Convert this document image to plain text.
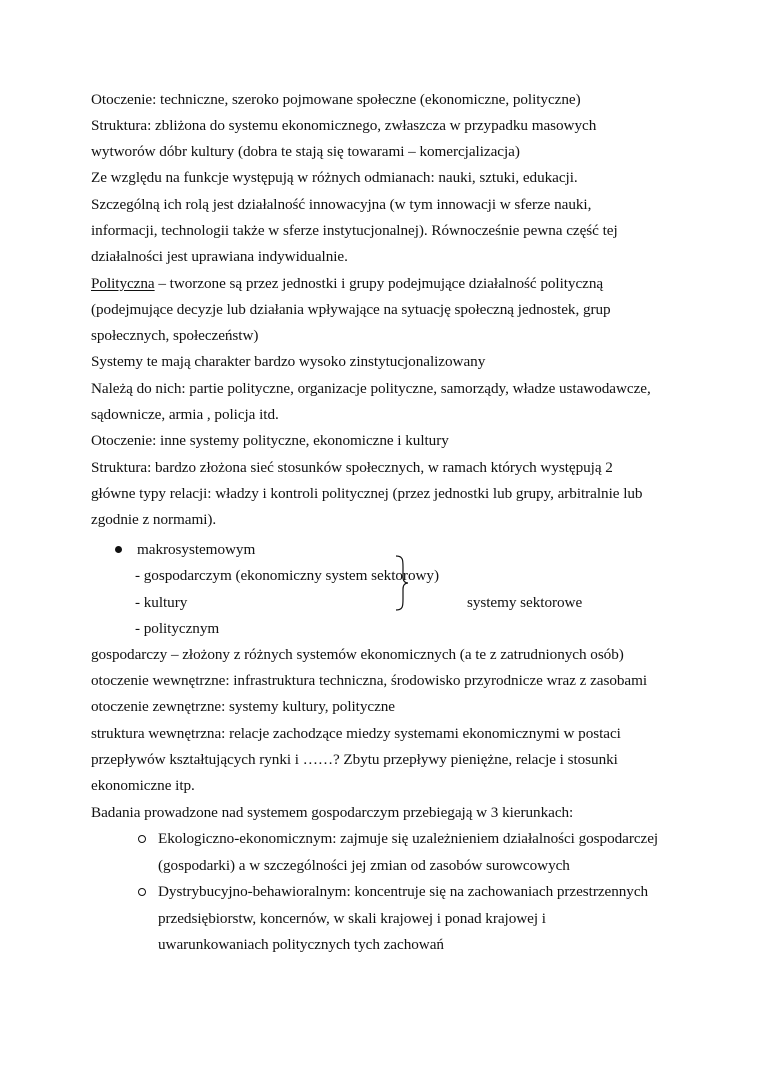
Otoczenie: techniczne, szeroko pojmowane społeczne (ekonomiczne, polityczne)
Struktura: zbliżona do systemu ekonomicznego, zwłaszcza w przypadku masowych
wytworów dóbr kultury (dobra te stają się towarami – komercjalizacja)
Ze względu na funkcje występują w różnych odmianach: nauki, sztuki, edukacji.
Szczególną ich rolą jest działalność innowacyjna (w tym innowacji w sferze nauki,
informacji, technologii także w sferze instytucjonalnej). Równocześnie pewna część tej
działalności jest uprawiana indywidualnie.
Polityczna – tworzone są przez jednostki i grupy podejmujące działalność polityczną
(podejmujące decyzje lub działania wpływające na sytuację społeczną jednostek, grup
społecznych, społeczeństw)
Systemy te mają charakter bardzo wysoko zinstytucjonalizowany
Należą do nich: partie polityczne, organizacje polityczne, samorządy, władze ustawodawcze,
sądownicze, armia , policja itd.
Otoczenie: inne systemy polityczne, ekonomiczne i kultury
Struktura: bardzo złożona sieć stosunków społecznych, w ramach których występują 2
główne typy relacji: władzy i kontroli politycznej (przez jednostki lub grupy, arbitralnie lub
zgodnie z normami).
makrosystemowym
- gospodarczym (ekonomiczny system sektorowy)
- kultury
- politycznym
systemy sektorowe
gospodarczy – złożony z różnych systemów ekonomicznych (a te z zatrudnionych osób)
otoczenie wewnętrzne: infrastruktura techniczna, środowisko przyrodnicze wraz z zasobami
otoczenie zewnętrzne: systemy kultury, polityczne
struktura wewnętrzna: relacje zachodzące miedzy systemami ekonomicznymi w postaci
przepływów kształtujących rynki i ……? Zbytu przepływy pieniężne, relacje i stosunki
ekonomiczne itp.
Badania prowadzone nad systemem gospodarczym przebiegają w 3 kierunkach:
Ekologiczno-ekonomicznym: zajmuje się uzależnieniem działalności gospodarczej
(gospodarki) a w szczególności jej zmian od zasobów surowcowych
Dystrybucyjno-behawioralnym: koncentruje się na zachowaniach przestrzennych
przedsiębiorstw, koncernów, w skali krajowej i ponad krajowej i
uwarunkowaniach politycznych tych zachowań
